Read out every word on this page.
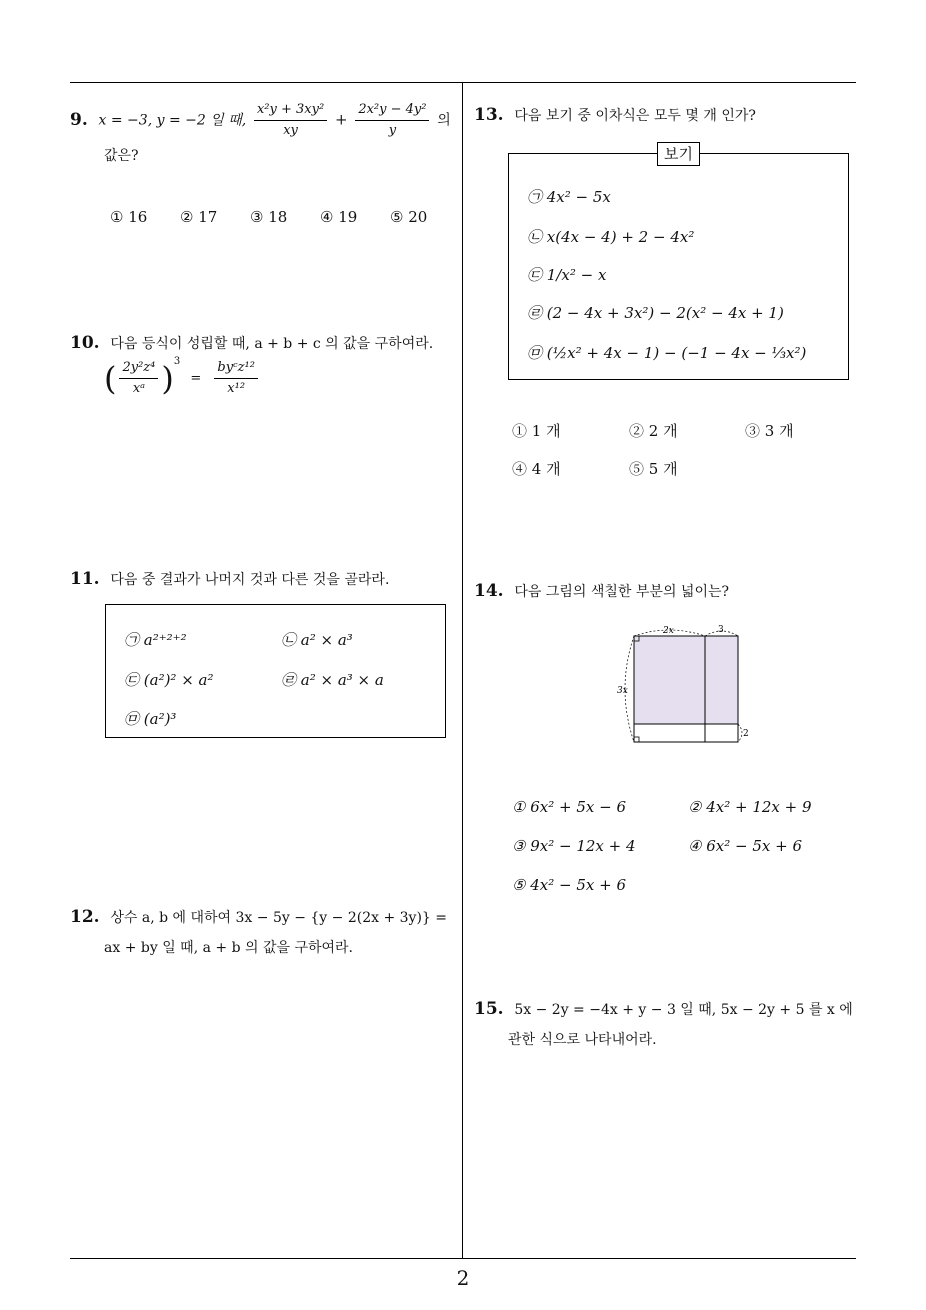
9. x = −3, y = −2 일 때, $\frac{\text{x²y + 3xy²}}{xy} + \frac{\text{2x²y − 4y²}}{y}$ 의
값은?
① 16 ② 17 ③ 18 ④ 19 ⑤ 20
10. 다음 등식이 성립할 때, a + b + c 의 값을 구하여라.
( $\frac{\text{2y²z⁴}}{\text{xᵃ}} )^3 = \frac{\text{byᶜz¹²}}{\text{x¹²}}$
11. 다음 중 결과가 나머지 것과 다른 것을 골라라.
㉠ a²⁺²⁺²	㉡ a² × a³
㉢ (a²)² × a²	㉣ a² × a³ × a
㉤ (a²)³
12. 상수 a, b 에 대하여 3x − 5y − {y − 2(2x + 3y)} =
ax + by 일 때, a + b 의 값을 구하여라.
13. 다음 보기 중 이차식은 모두 몇 개 인가?
보기
㉠ 4x² − 5x
㉡ x(4x − 4) + 2 − 4x²
㉢ 1/x² − x
㉣ (2 − 4x + 3x²) − 2(x² − 4x + 1)
㉤ (½x² + 4x − 1) − (−1 − 4x − ⅓x²)
① 1 개	② 2 개	③ 3 개
④ 4 개	⑤ 5 개
14. 다음 그림의 색칠한 부분의 넓이는?
2x	3
3x
2
① 6x² + 5x − 6	② 4x² + 12x + 9
③ 9x² − 12x + 4	④ 6x² − 5x + 6
⑤ 4x² − 5x + 6
15. 5x − 2y = −4x + y − 3 일 때, 5x − 2y + 5 를 x 에
관한 식으로 나타내어라.
2
